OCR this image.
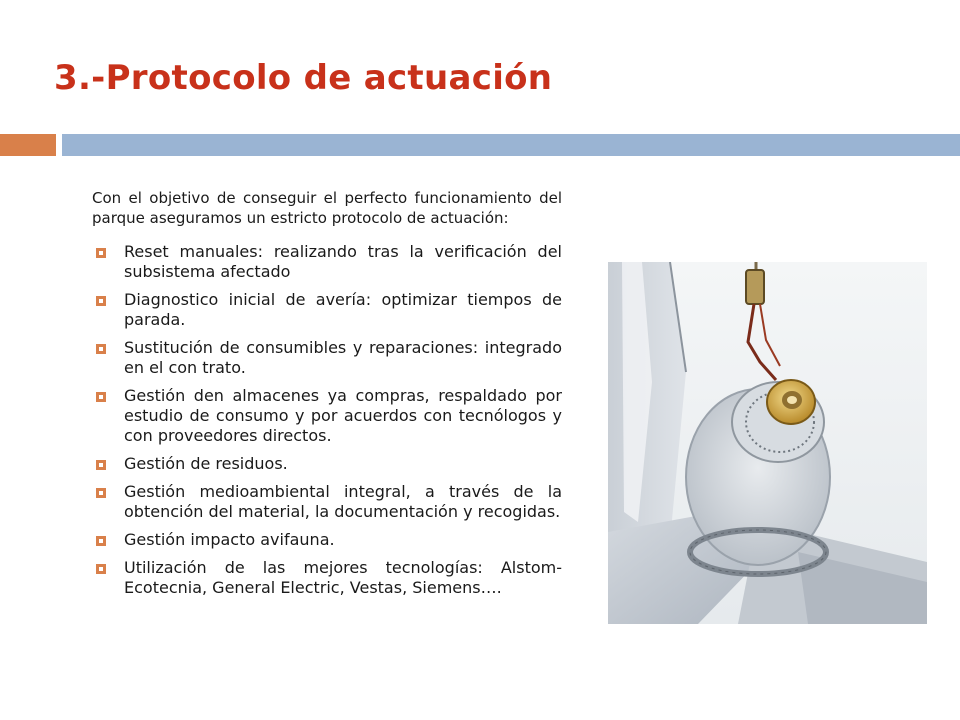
3.-Protocolo de actuación

Con el objetivo de conseguir el perfecto funcionamiento del parque aseguramos un estricto protocolo de actuación:

Reset manuales: realizando tras la verificación del subsistema afectado
Diagnostico inicial de avería: optimizar tiempos de parada.
Sustitución de consumibles y reparaciones: integrado en el con trato.
Gestión den almacenes ya compras, respaldado por estudio de consumo y por acuerdos con tecnólogos y con proveedores directos.
Gestión de residuos.
Gestión medioambiental integral, a través de la obtención del material, la documentación y recogidas.
Gestión impacto avifauna.
Utilización de las mejores tecnologías: Alstom-Ecotecnia, General Electric, Vestas, Siemens….
